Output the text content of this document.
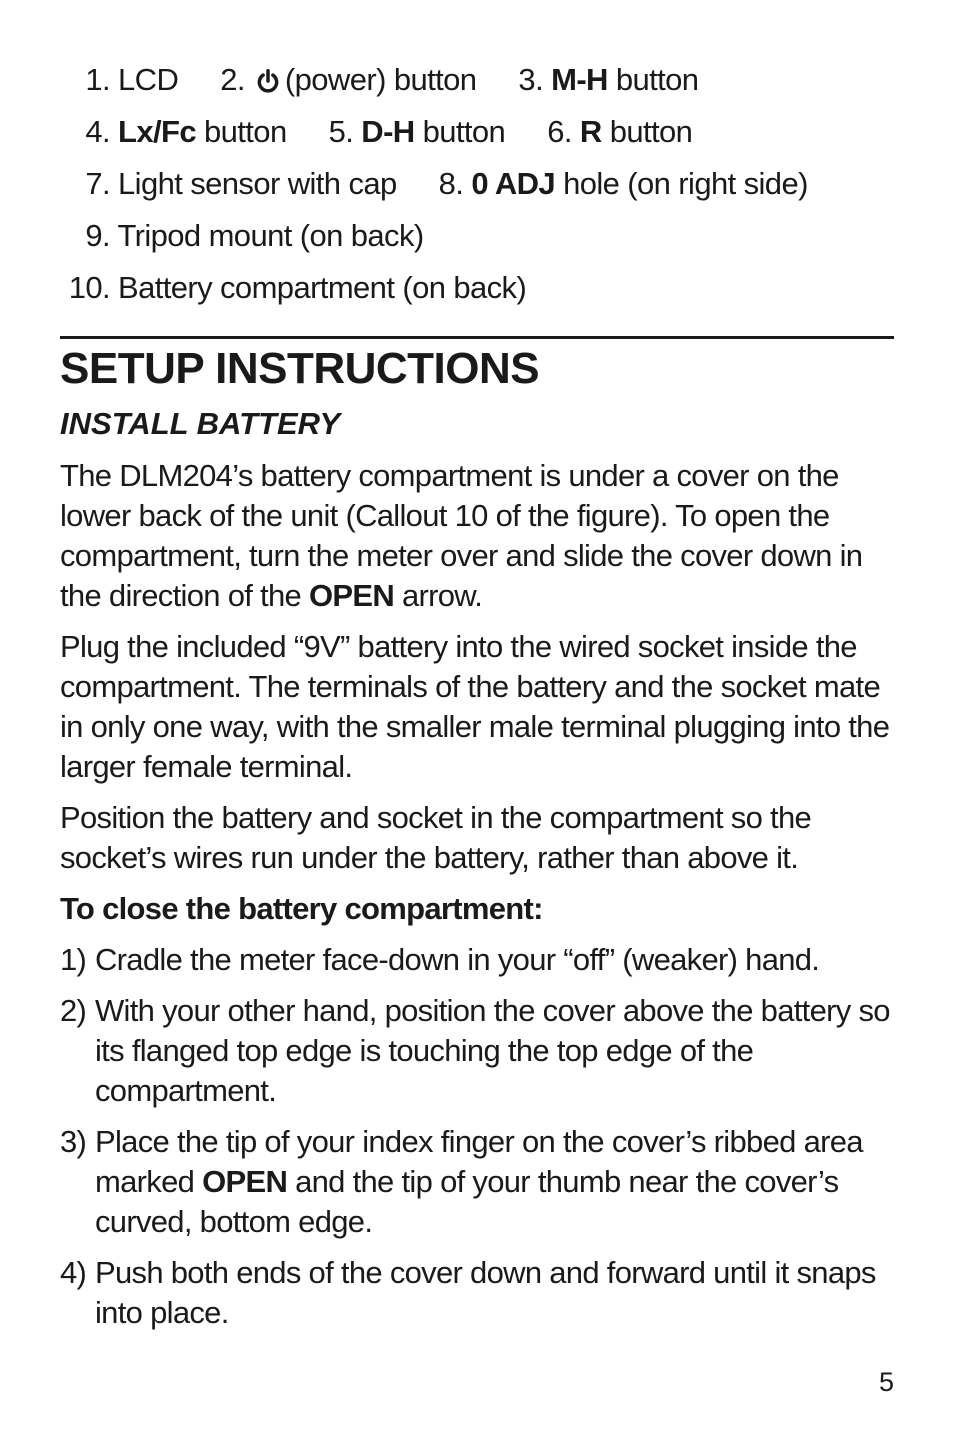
1. LCD 2. (power) button 3. M-H button
4. Lx/Fc button 5. D-H button 6. R button
7. Light sensor with cap 8. 0 ADJ hole (on right side)
9. Tripod mount (on back)
10. Battery compartment (on back)
SETUP INSTRUCTIONS
INSTALL BATTERY

The DLM204’s battery compartment is under a cover on the lower back of the unit (Callout 10 of the figure). To open the compartment, turn the meter over and slide the cover down in the direction of the OPEN arrow.

Plug the included “9V” battery into the wired socket inside the compartment. The terminals of the battery and the socket mate in only one way, with the smaller male terminal plugging into the larger female terminal.

Position the battery and socket in the compartment so the socket’s wires run under the battery, rather than above it.

To close the battery compartment:

1) Cradle the meter face-down in your “off” (weaker) hand.
2) With your other hand, position the cover above the battery so its flanged top edge is touching the top edge of the compartment.
3) Place the tip of your index finger on the cover’s ribbed area marked OPEN and the tip of your thumb near the cover’s curved, bottom edge.
4) Push both ends of the cover down and forward until it snaps into place.
5
